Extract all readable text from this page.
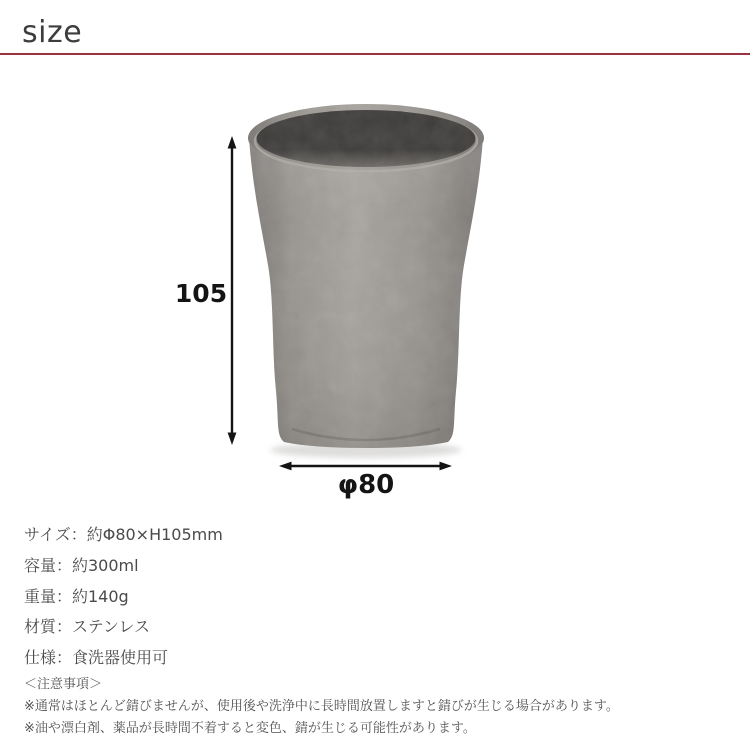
size
105
φ80
サイズ：約Φ80×H105mm
容量：約300ml
重量：約140g
材質：ステンレス
仕様：食洗器使用可
＜注意事項＞
※通常はほとんど錆びませんが、使用後や洗浄中に長時間放置しますと錆びが生じる場合があります。
※油や漂白剤、薬品が長時間不着すると変色、錆が生じる可能性があります。
